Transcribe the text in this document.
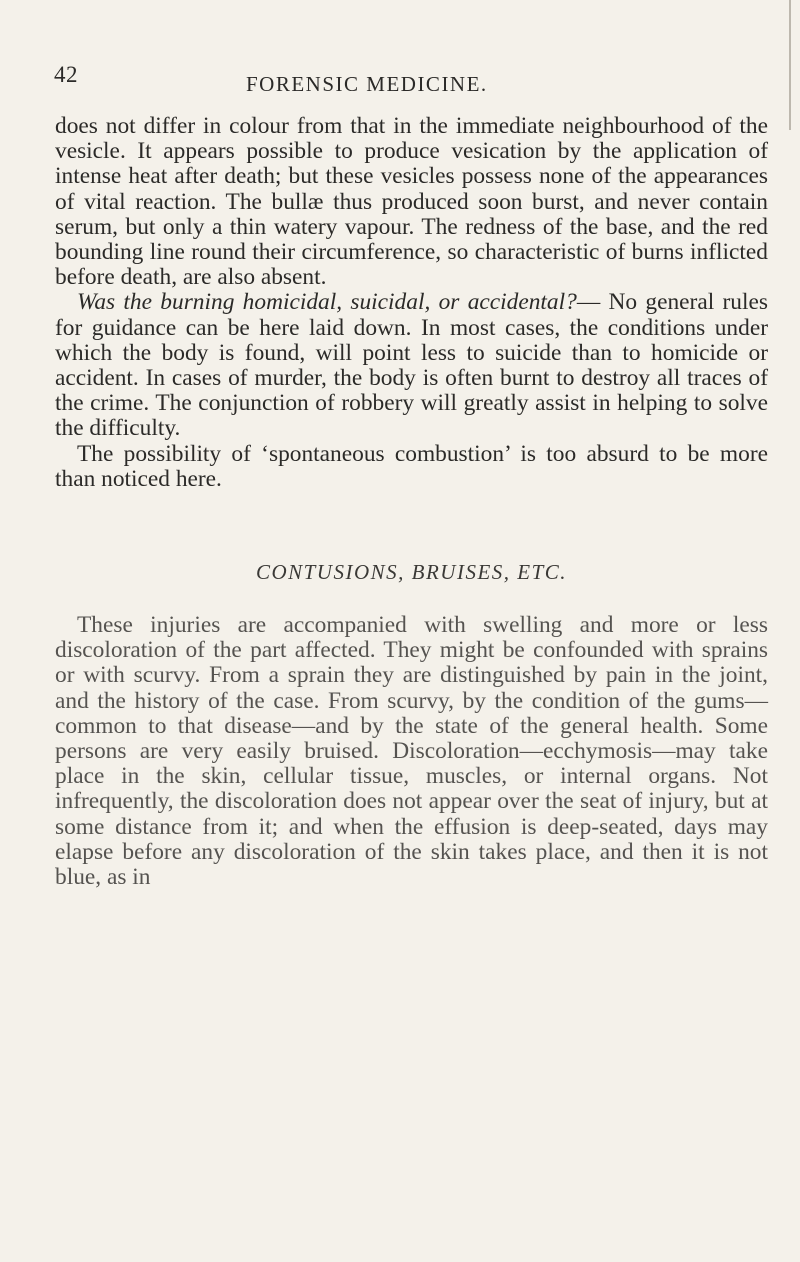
42	FORENSIC MEDICINE.

does not differ in colour from that in the immediate neighbourhood of the vesicle. It appears possible to produce vesication by the application of intense heat after death; but these vesicles possess none of the appearances of vital reaction. The bullæ thus produced soon burst, and never contain serum, but only a thin watery vapour. The redness of the base, and the red bounding line round their circumference, so characteristic of burns inflicted before death, are also absent.

Was the burning homicidal, suicidal, or accidental?— No general rules for guidance can be here laid down. In most cases, the conditions under which the body is found, will point less to suicide than to homicide or accident. In cases of murder, the body is often burnt to destroy all traces of the crime. The conjunction of robbery will greatly assist in helping to solve the difficulty.

The possibility of ‘spontaneous combustion’ is too absurd to be more than noticed here.

CONTUSIONS, BRUISES, ETC.

These injuries are accompanied with swelling and more or less discoloration of the part affected. They might be confounded with sprains or with scurvy. From a sprain they are distinguished by pain in the joint, and the history of the case. From scurvy, by the condition of the gums—common to that disease—and by the state of the general health. Some persons are very easily bruised. Discoloration—ecchymosis—may take place in the skin, cellular tissue, muscles, or internal organs. Not infrequently, the discoloration does not appear over the seat of injury, but at some distance from it; and when the effusion is deep-seated, days may elapse before any discoloration of the skin takes place, and then it is not blue, as in
